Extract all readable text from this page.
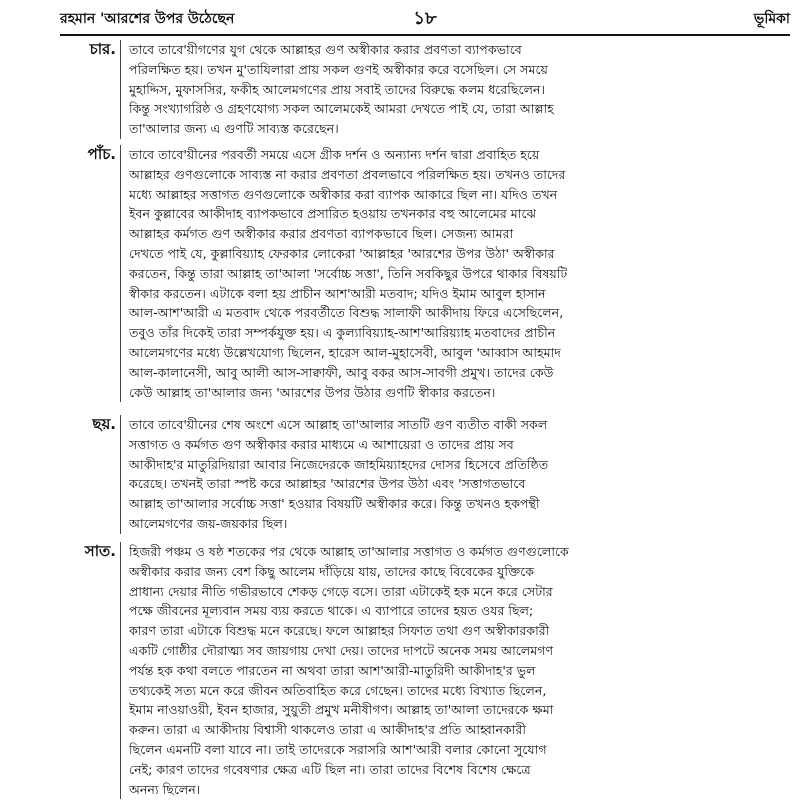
রহমান 'আরশের উপর উঠেছেন	১৮	ভূমিকা
চার. তাবে তাবে'য়ীগণের যুগ থেকে আল্লাহর গুণ অস্বীকার করার প্রবণতা ব্যাপকভাবে
পরিলক্ষিত হয়। তখন মু'তাযিলারা প্রায় সকল গুণই অস্বীকার করে বসেছিল। সে সময়ে
মুহাদ্দিস, মুফাসসির, ফকীহ আলেমগণের প্রায় সবাই তাদের বিরুদ্ধে কলম ধরেছিলেন।
কিন্তু সংখ্যাগরিষ্ঠ ও গ্রহণযোগ্য সকল আলেমকেই আমরা দেখতে পাই যে, তারা আল্লাহ
তা'আলার জন্য এ গুণটি সাব্যস্ত করেছেন।
পাঁচ. তাবে তাবে'য়ীনের পরবর্তী সময়ে এসে গ্রীক দর্শন ও অন্যান্য দর্শন দ্বারা প্রবাহিত হয়ে
আল্লাহর গুণগুলোকে সাব্যস্ত না করার প্রবণতা প্রবলভাবে পরিলক্ষিত হয়। তখনও তাদের
মধ্যে আল্লাহর সত্তাগত গুণগুলোকে অস্বীকার করা ব্যাপক আকারে ছিল না। যদিও তখন
ইবন কুল্লাবের আকীদাহ ব্যাপকভাবে প্রসারিত হওয়ায় তখনকার বহু আলেমের মাঝে
আল্লাহর কর্মগত গুণ অস্বীকার করার প্রবণতা ব্যাপকভাবে ছিল। সেজন্য আমরা
দেখতে পাই যে, কুল্লাবিয়্যাহ ফেরকার লোকেরা 'আল্লাহর 'আরশের উপর উঠা' অস্বীকার
করতেন, কিন্তু তারা আল্লাহ তা'আলা 'সর্বোচ্চ সত্তা', তিনি সবকিছুর উপরে থাকার বিষয়টি
স্বীকার করতেন। এটাকে বলা হয় প্রাচীন আশ'আরী মতবাদ; যদিও ইমাম আবুল হাসান
আল-আশ'আরী এ মতবাদ থেকে পরবর্তীতে বিশুদ্ধ সালাফী আকীদায় ফিরে এসেছিলেন,
তবুও তাঁর দিকেই তারা সম্পর্কযুক্ত হয়। এ কুল্যাবিয়্যাহ-আশ'আরিয়্যাহ মতবাদের প্রাচীন
আলেমগণের মধ্যে উল্লেখযোগ্য ছিলেন, হারেস আল-মুহাসেবী, আবুল 'আব্বাস আহমাদ
আল-কালানেসী, আবু আলী আস-সাক্বাফী, আবু বকর আস-সাবগী প্রমুখ। তাদের কেউ
কেউ আল্লাহ তা'আলার জন্য 'আরশের উপর উঠার গুণটি স্বীকার করতেন।
ছয়. তাবে তাবে'য়ীনের শেষ অংশে এসে আল্লাহ তা'আলার সাতটি গুণ ব্যতীত বাকী সকল
সত্তাগত ও কর্মগত গুণ অস্বীকার করার মাধ্যমে এ আশায়েরা ও তাদের প্রায় সব
আকীদাহ'র মাতুরিদিয়ারা আবার নিজেদেরকে জাহমিয়্যাহদের দোসর হিসেবে প্রতিষ্ঠিত
করেছে। তখনই তারা স্পষ্ট করে আল্লাহর 'আরশের উপর উঠা এবং 'সত্তাগতভাবে
আল্লাহ তা'আলার সর্বোচ্চ সত্তা' হওয়ার বিষয়টি অস্বীকার করে। কিন্তু তখনও হকপন্থী
আলেমগণের জয়-জয়কার ছিল।
সাত. হিজরী পঞ্চম ও ষষ্ঠ শতকের পর থেকে আল্লাহ তা'আলার সত্তাগত ও কর্মগত গুণগুলোকে
অস্বীকার করার জন্য বেশ কিছু আলেম দাঁড়িয়ে যায়, তাদের কাছে বিবেকের যুক্তিকে
প্রাধান্য দেয়ার নীতি গভীরভাবে শেকড় গেড়ে বসে। তারা এটাকেই হক মনে করে সেটার
পক্ষে জীবনের মূল্যবান সময় ব্যয় করতে থাকে। এ ব্যাপারে তাদের হয়ত ওযর ছিল;
কারণ তারা এটাকে বিশুদ্ধ মনে করেছে। ফলে আল্লাহর সিফাত তথা গুণ অস্বীকারকারী
একটি গোষ্ঠীর দৌরাত্ম্য সব জায়গায় দেখা দেয়। তাদের দাপটে অনেক সময় আলেমগণ
পর্যন্ত হক কথা বলতে পারতেন না অথবা তারা আশ'আরী-মাতুরিদী আকীদাহ'র ভুল
তথ্যকেই সত্য মনে করে জীবন অতিবাহিত করে গেছেন। তাদের মধ্যে বিখ্যাত ছিলেন,
ইমাম নাওয়াওয়ী, ইবন হাজার, সুয়ুতী প্রমুখ মনীষীগণ। আল্লাহ তা'আলা তাদেরকে ক্ষমা
করুন। তারা এ আকীদায় বিশ্বাসী থাকলেও তারা এ আকীদাহ'র প্রতি আহ্বানকারী
ছিলেন এমনটি বলা যাবে না। তাই তাদেরকে সরাসরি আশ'আরী বলার কোনো সুযোগ
নেই; কারণ তাদের গবেষণার ক্ষেত্র এটি ছিল না। তারা তাদের বিশেষ বিশেষ ক্ষেত্রে
অনন্য ছিলেন।
